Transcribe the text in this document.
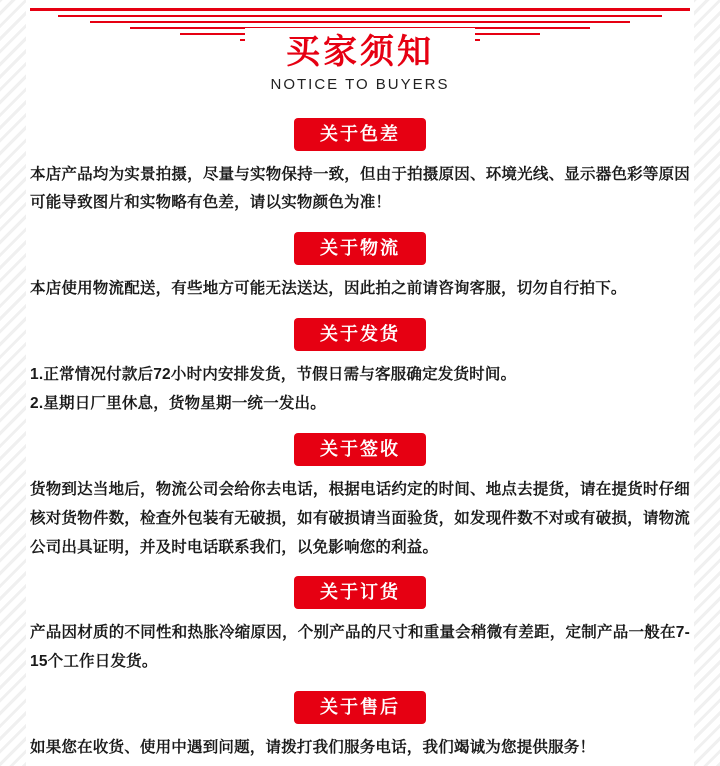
买家须知
NOTICE TO BUYERS
关于色差

本店产品均为实景拍摄，尽量与实物保持一致，但由于拍摄原因、环境光线、显示器色彩等原因可能导致图片和实物略有色差，请以实物颜色为准！

关于物流

本店使用物流配送，有些地方可能无法送达，因此拍之前请咨询客服，切勿自行拍下。

关于发货

1.正常情况付款后72小时内安排发货，节假日需与客服确定发货时间。

2.星期日厂里休息，货物星期一统一发出。

关于签收

货物到达当地后，物流公司会给你去电话，根据电话约定的时间、地点去提货，请在提货时仔细核对货物件数，检查外包装有无破损，如有破损请当面验货，如发现件数不对或有破损，请物流公司出具证明，并及时电话联系我们，以免影响您的利益。

关于订货

产品因材质的不同性和热胀冷缩原因，个别产品的尺寸和重量会稍微有差距，定制产品一般在7-15个工作日发货。

关于售后

如果您在收货、使用中遇到问题，请拨打我们服务电话，我们竭诚为您提供服务！
